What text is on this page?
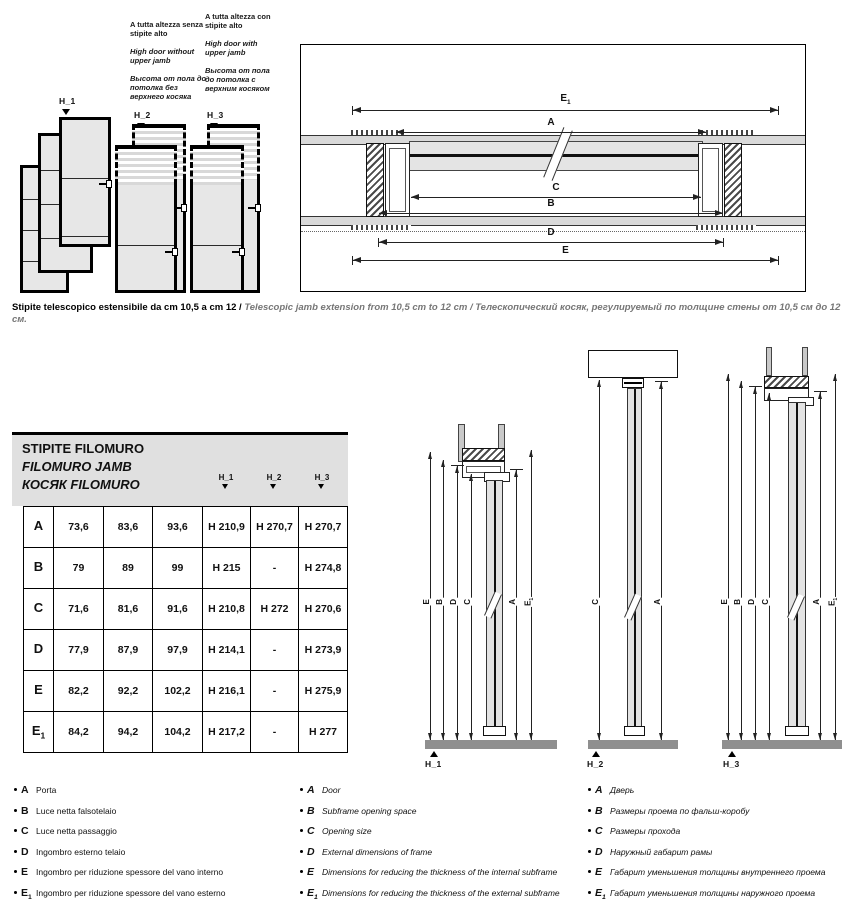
A tutta altezza senza stipite alto

High door without upper jamb

Высота от пола до потолка без верхнего косяка

A tutta altezza con stipite alto

High door with upper jamb

Высота от пола до потолка с верхним косяком

H_1
H_2	H_3
$E_1$
A
C
B
D
E
Stipite telescopico estensibile da cm 10,5 a cm 12 / Telescopic jamb extension from 10,5 cm to 12 cm / Телескопический косяк, регулируемый по толщине стены от 10,5 см до 12 см.
STIPITE FILOMURO
FILOMURO JAMB
КОСЯК FILOMURO	H_1	H_2	H_3
A	73,6	83,6	93,6	H 210,9	H 270,7	H 270,7
B	79	89	99	H 215	-	H 274,8
C	71,6	81,6	91,6	H 210,8	H 272	H 270,6
D	77,9	87,9	97,9	H 214,1	-	H 273,9
E	82,2	92,2	102,2	H 216,1	-	H 275,9
$E_1$	84,2	94,2	104,2	H 217,2	-	H 277
E B D C	A $E_1$
H_1
C	A
H_2
E B D C	A $E_1$
H_3
A Porta
B Luce netta falsotelaio
C Luce netta passaggio
D Ingombro esterno telaio
E Ingombro per riduzione spessore del vano interno
$E_1$ Ingombro per riduzione spessore del vano esterno
A Door
B Subframe opening space
C Opening size
D External dimensions of frame
E Dimensions for reducing the thickness of the internal subframe
$E_1$ Dimensions for reducing the thickness of the external subframe
A Дверь
B Размеры проема по фальш-коробу
C Размеры прохода
D Наружный габарит рамы
E Габарит уменьшения толщины внутреннего проема
$E_1$ Габарит уменьшения толщины наружного проема
